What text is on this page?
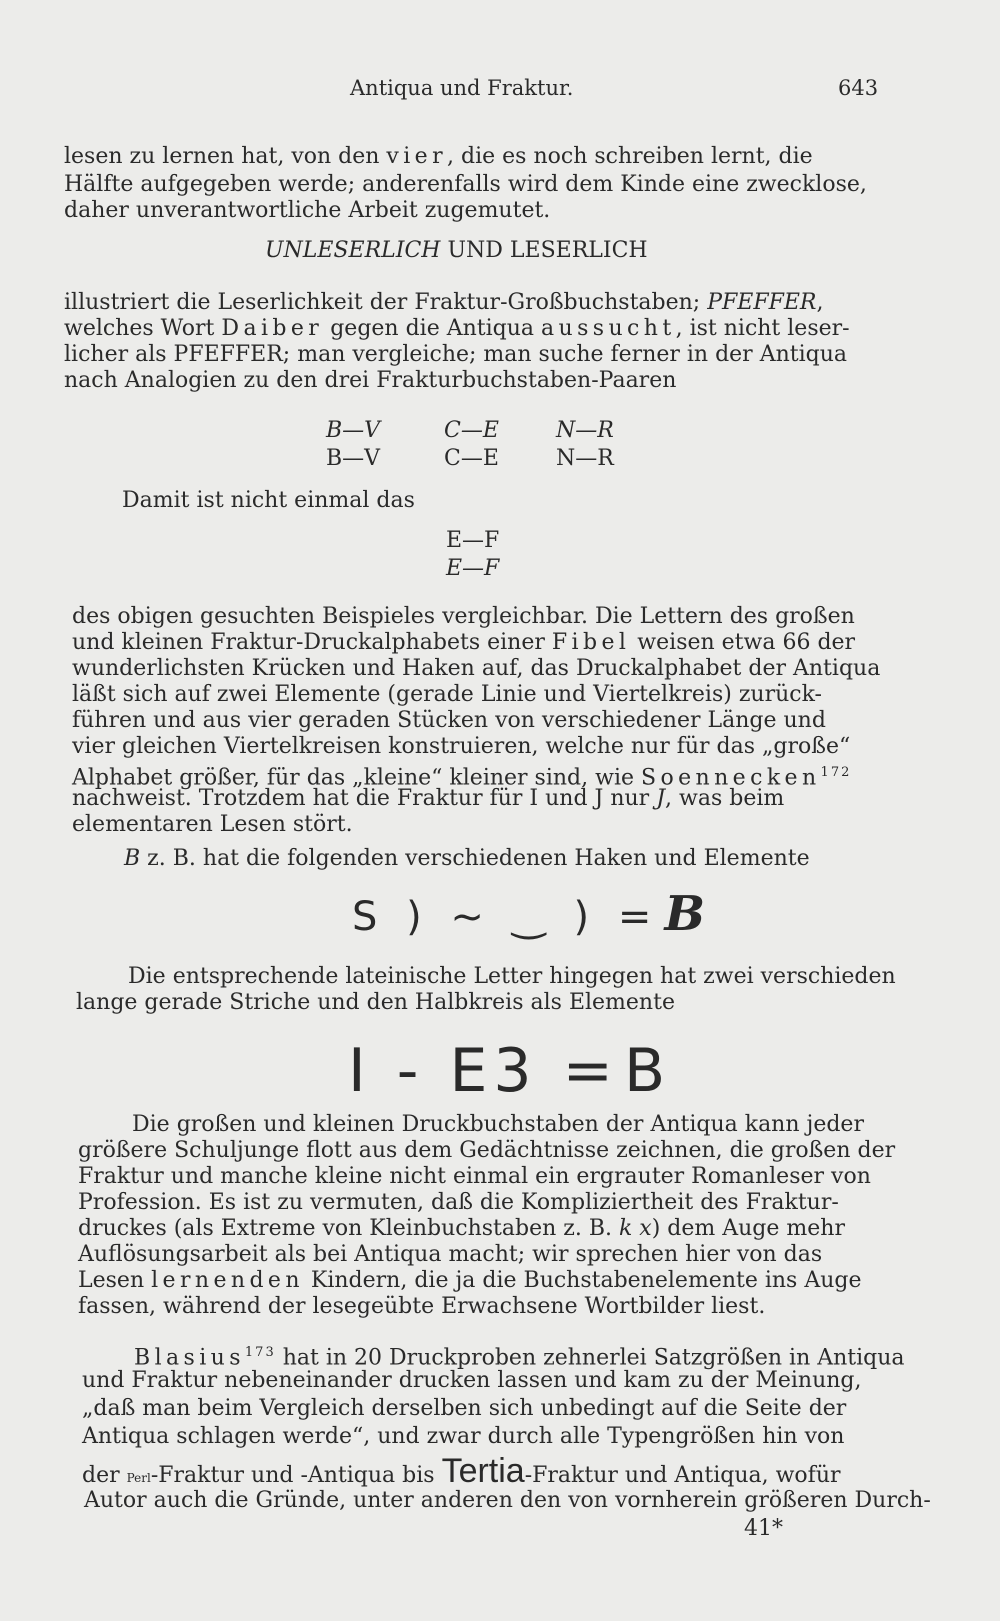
Antiqua und Fraktur.	643
lesen zu lernen hat, von den vier, die es noch schreiben lernt, die
Hälfte aufgegeben werde; anderenfalls wird dem Kinde eine zwecklose,
daher unverantwortliche Arbeit zugemutet.
UNLESERLICH UND LESERLICH
illustriert die Leserlichkeit der Fraktur-Großbuchstaben; PFEFFER,
welches Wort Daiber gegen die Antiqua aussucht, ist nicht leser-
licher als PFEFFER; man vergleiche; man suche ferner in der Antiqua
nach Analogien zu den drei Frakturbuchstaben-Paaren
B—V	C—E	N—R
B—V	C—E	N—R
Damit ist nicht einmal das
E—F
E—F
des obigen gesuchten Beispieles vergleichbar. Die Lettern des großen
und kleinen Fraktur-Druckalphabets einer Fibel weisen etwa 66 der
wunderlichsten Krücken und Haken auf, das Druckalphabet der Antiqua
läßt sich auf zwei Elemente (gerade Linie und Viertelkreis) zurück-
führen und aus vier geraden Stücken von verschiedener Länge und
vier gleichen Viertelkreisen konstruieren, welche nur für das „große“
Alphabet größer, für das „kleine“ kleiner sind, wie Soennecken$^{172}$
nachweist. Trotzdem hat die Fraktur für I und J nur J, was beim
elementaren Lesen stört.
B z. B. hat die folgenden verschiedenen Haken und Elemente
S ) ~ ‿ ) = B
Die entsprechende lateinische Letter hingegen hat zwei verschieden
lange gerade Striche und den Halbkreis als Elemente
I - E3 = B
Die großen und kleinen Druckbuchstaben der Antiqua kann jeder
größere Schuljunge flott aus dem Gedächtnisse zeichnen, die großen der
Fraktur und manche kleine nicht einmal ein ergrauter Romanleser von
Profession. Es ist zu vermuten, daß die Kompliziertheit des Fraktur-
druckes (als Extreme von Kleinbuchstaben z. B. k x) dem Auge mehr
Auflösungsarbeit als bei Antiqua macht; wir sprechen hier von das
Lesen lernenden Kindern, die ja die Buchstabenelemente ins Auge
fassen, während der lesegeübte Erwachsene Wortbilder liest.
Blasius$^{173}$ hat in 20 Druckproben zehnerlei Satzgrößen in Antiqua
und Fraktur nebeneinander drucken lassen und kam zu der Meinung,
„daß man beim Vergleich derselben sich unbedingt auf die Seite der
Antiqua schlagen werde“, und zwar durch alle Typengrößen hin von
der Perl-Fraktur und -Antiqua bis Tertia-Fraktur und Antiqua, wofür
Autor auch die Gründe, unter anderen den von vornherein größeren Durch-
41*
